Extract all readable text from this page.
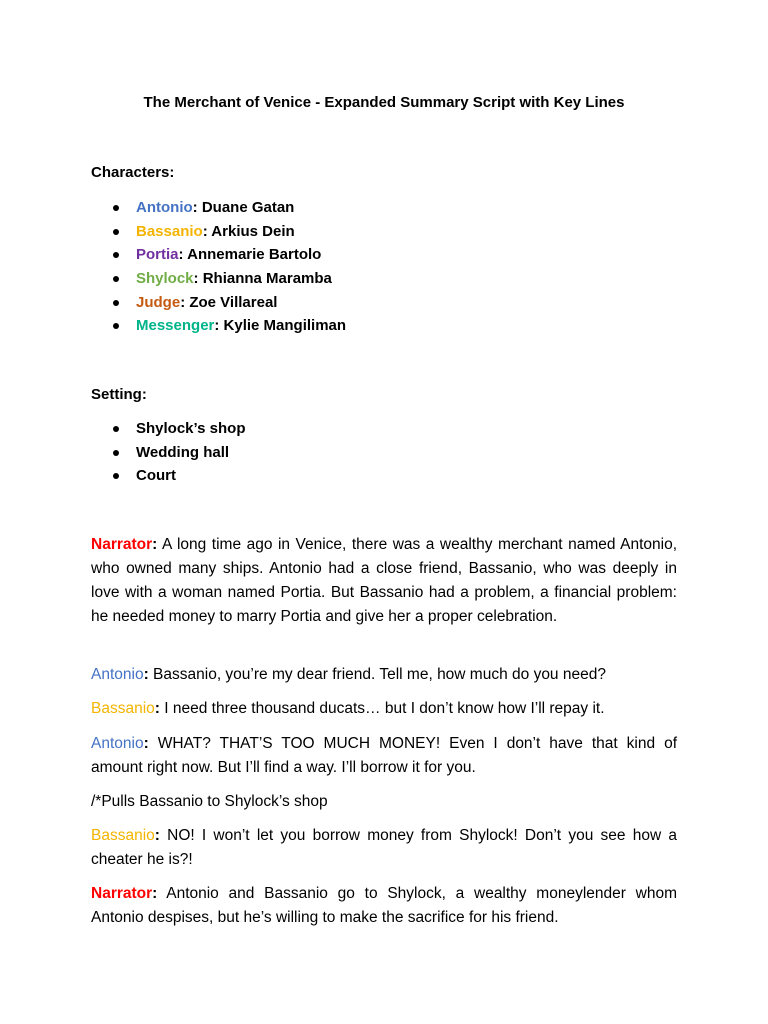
The Merchant of Venice - Expanded Summary Script with Key Lines
Characters:
Antonio: Duane Gatan
Bassanio: Arkius Dein
Portia: Annemarie Bartolo
Shylock: Rhianna Maramba
Judge: Zoe Villareal
Messenger: Kylie Mangiliman
Setting:
Shylock’s shop
Wedding hall
Court

Narrator: A long time ago in Venice, there was a wealthy merchant named Antonio, who owned many ships. Antonio had a close friend, Bassanio, who was deeply in love with a woman named Portia. But Bassanio had a problem, a financial problem: he needed money to marry Portia and give her a proper celebration.

Antonio: Bassanio, you’re my dear friend. Tell me, how much do you need?

Bassanio: I need three thousand ducats… but I don’t know how I’ll repay it.

Antonio: WHAT? THAT’S TOO MUCH MONEY! Even I don’t have that kind of amount right now. But I’ll find a way. I’ll borrow it for you.

/*Pulls Bassanio to Shylock’s shop

Bassanio: NO! I won’t let you borrow money from Shylock! Don’t you see how a cheater he is?!

Narrator: Antonio and Bassanio go to Shylock, a wealthy moneylender whom Antonio despises, but he’s willing to make the sacrifice for his friend.
